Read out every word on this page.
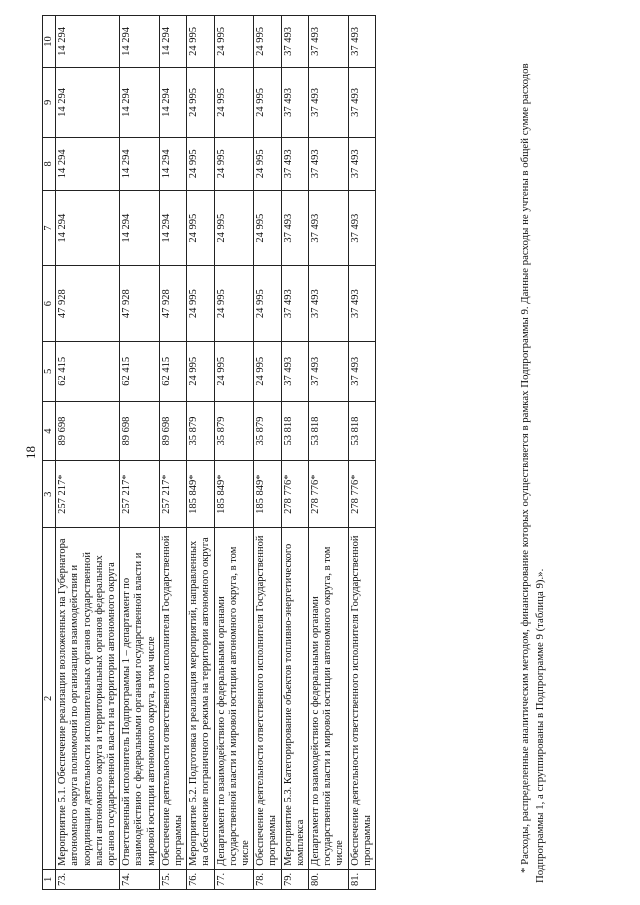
18
1	2	3	4	5	6	7	8	9	10
73.	Мероприятие 5.1. Обеспечение реализации возложенных на Губернатора автономного округа полномочий по организации взаимодействия и координации деятельности исполнительных органов государственной власти автономного округа и территориальных органов федеральных органов государственной власти на территории автономного округа	257 217*	89 698	62 415	47 928	14 294	14 294	14 294	14 294
74.	Ответственный исполнитель Подпрограммы 1 – департамент по взаимодействию с федеральными органами государственной власти и мировой юстиции автономного округа, в том числе	257 217*	89 698	62 415	47 928	14 294	14 294	14 294	14 294
75.	Обеспечение деятельности ответственного исполнителя Государственной программы	257 217*	89 698	62 415	47 928	14 294	14 294	14 294	14 294
76.	Мероприятие 5.2. Подготовка и реализация мероприятий, направленных на обеспечение пограничного режима на территории автономного округа	185 849*	35 879	24 995	24 995	24 995	24 995	24 995	24 995
77.	Департамент по взаимодействию с федеральными органами государственной власти и мировой юстиции автономного округа, в том числе	185 849*	35 879	24 995	24 995	24 995	24 995	24 995	24 995
78.	Обеспечение деятельности ответственного исполнителя Государственной программы	185 849*	35 879	24 995	24 995	24 995	24 995	24 995	24 995
79.	Мероприятие 5.3. Категорирование объектов топливно-энергетического комплекса	278 776*	53 818	37 493	37 493	37 493	37 493	37 493	37 493
80.	Департамент по взаимодействию с федеральными органами государственной власти и мировой юстиции автономного округа, в том числе	278 776*	53 818	37 493	37 493	37 493	37 493	37 493	37 493
81.	Обеспечение деятельности ответственного исполнителя Государственной программы	278 776*	53 818	37 493	37 493	37 493	37 493	37 493	37 493

* Расходы, распределенные аналитическим методом, финансирование которых осуществляется в рамках Подпрограммы 9. Данные расходы не учтены в общей сумме расходов Подпрограммы 1, а сгруппированы в Подпрограмме 9 (таблица 9).».
